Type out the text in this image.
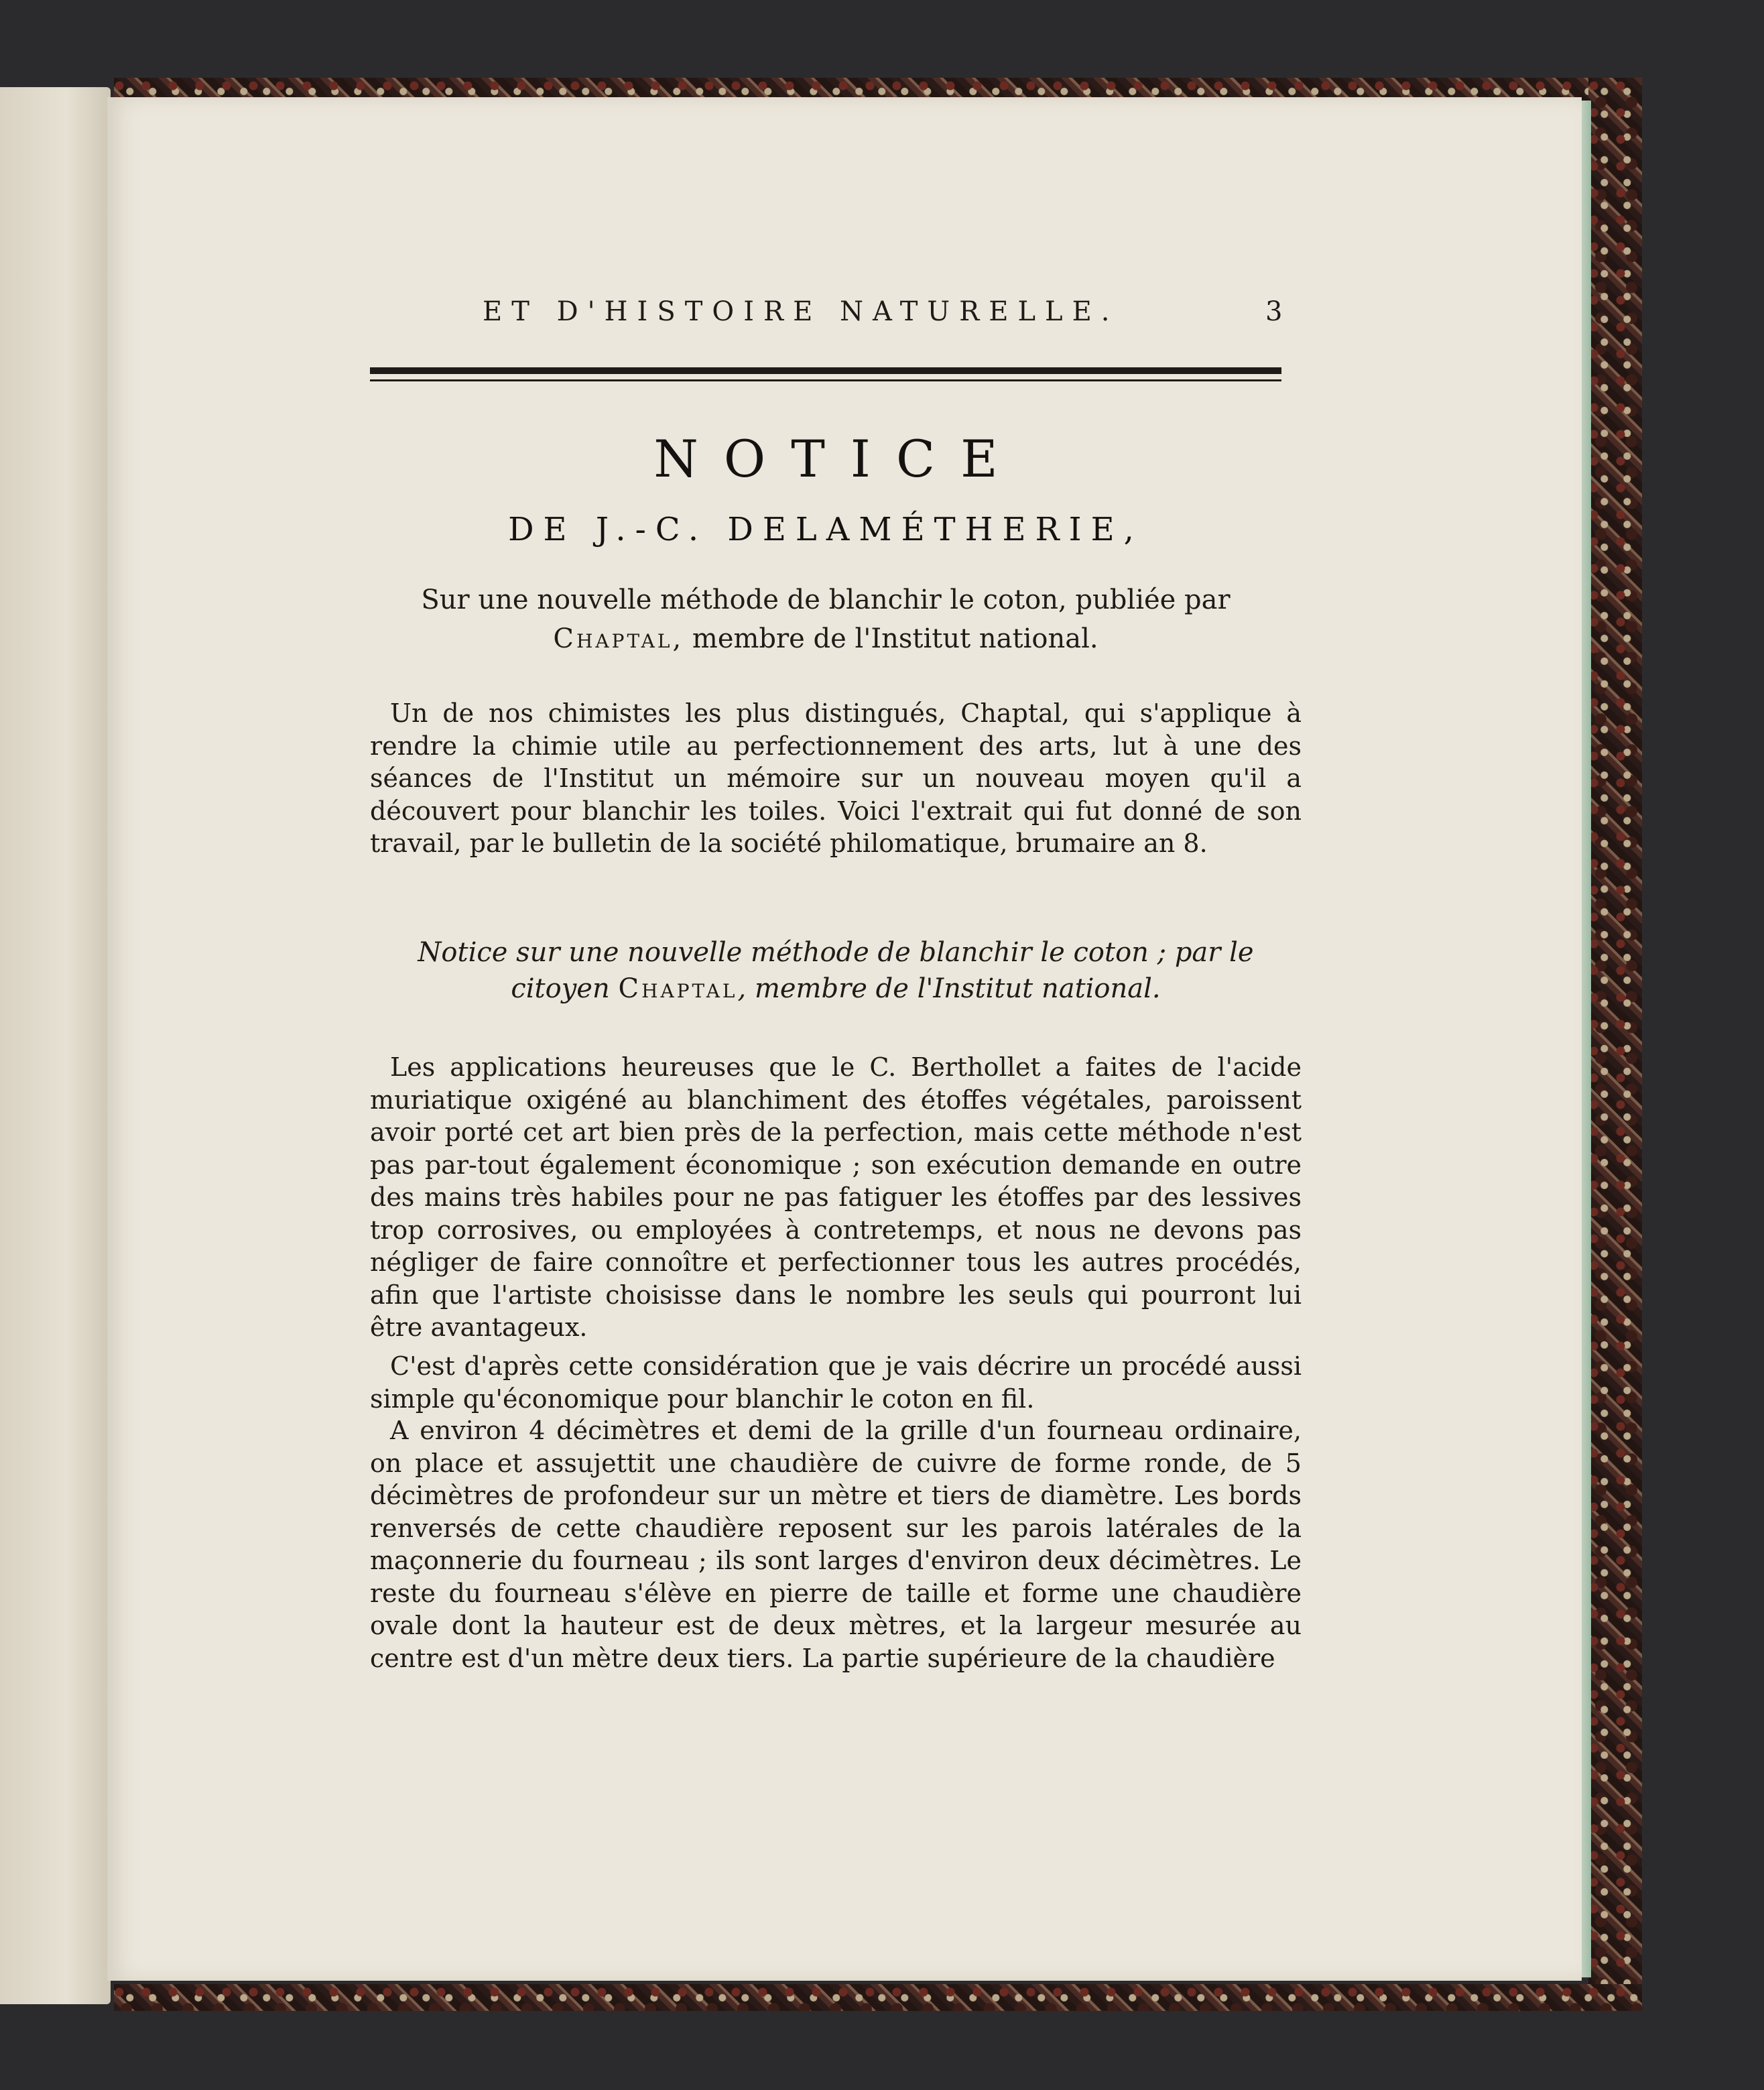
ET D'HISTOIRE NATURELLE.	3
NOTICE
DE J.-C. DELAMÉTHERIE,
Sur une nouvelle méthode de blanchir le coton, publiée par
Chaptal, membre de l'Institut national.
Un de nos chimistes les plus distingués, Chaptal, qui s'applique à rendre la chimie utile au perfectionnement des arts, lut à une des séances de l'Institut un mémoire sur un nouveau moyen qu'il a découvert pour blanchir les toiles. Voici l'extrait qui fut donné de son travail, par le bulletin de la société philomatique, brumaire an 8.
Notice sur une nouvelle méthode de blanchir le coton ; par le citoyen Chaptal, membre de l'Institut national.
Les applications heureuses que le C. Berthollet a faites de l'acide muriatique oxigéné au blanchiment des étoffes végétales, paroissent avoir porté cet art bien près de la perfection, mais cette méthode n'est pas par-tout également économique ; son exécution demande en outre des mains très habiles pour ne pas fatiguer les étoffes par des lessives trop corrosives, ou employées à contretemps, et nous ne devons pas négliger de faire connoître et perfectionner tous les autres procédés, afin que l'artiste choisisse dans le nombre les seuls qui pourront lui être avantageux.
C'est d'après cette considération que je vais décrire un procédé aussi simple qu'économique pour blanchir le coton en fil.
A environ 4 décimètres et demi de la grille d'un fourneau ordinaire, on place et assujettit une chaudière de cuivre de forme ronde, de 5 décimètres de profondeur sur un mètre et tiers de diamètre. Les bords renversés de cette chaudière reposent sur les parois latérales de la maçonnerie du fourneau ; ils sont larges d'environ deux décimètres. Le reste du fourneau s'élève en pierre de taille et forme une chaudière ovale dont la hauteur est de deux mètres, et la largeur mesurée au centre est d'un mètre deux tiers. La partie supérieure de la chaudière
